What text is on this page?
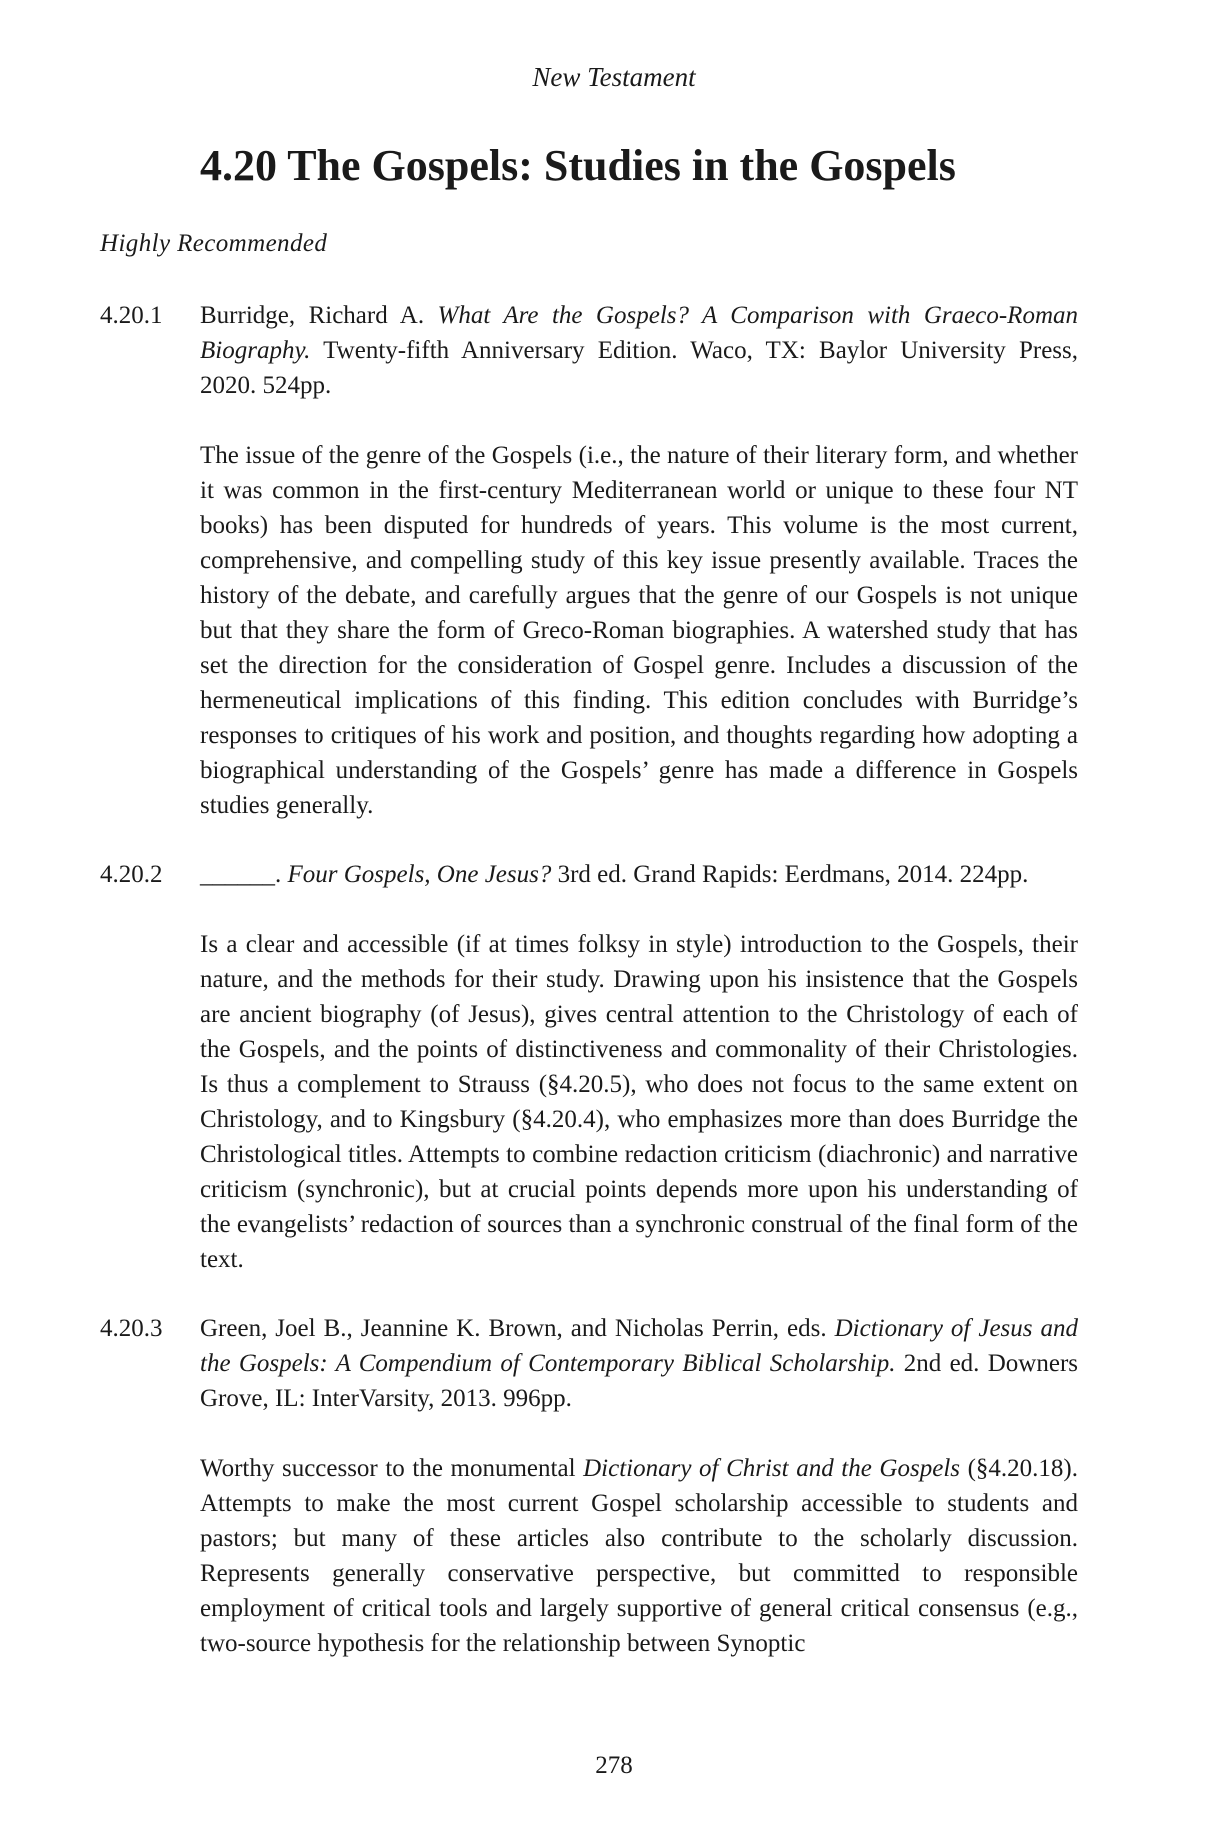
New Testament
4.20 The Gospels: Studies in the Gospels
Highly Recommended
4.20.1 Burridge, Richard A. What Are the Gospels? A Comparison with Graeco-Roman Biography. Twenty-fifth Anniversary Edition. Waco, TX: Baylor University Press, 2020. 524pp.

The issue of the genre of the Gospels (i.e., the nature of their literary form, and whether it was common in the first-century Mediterranean world or unique to these four NT books) has been disputed for hundreds of years. This volume is the most current, comprehensive, and compelling study of this key issue presently available. Traces the history of the debate, and carefully argues that the genre of our Gospels is not unique but that they share the form of Greco-Roman biographies. A watershed study that has set the direction for the consideration of Gospel genre. Includes a discussion of the hermeneutical implications of this finding. This edition concludes with Burridge’s responses to critiques of his work and position, and thoughts regarding how adopting a biographical understanding of the Gospels’ genre has made a difference in Gospels studies generally.

4.20.2 ______. Four Gospels, One Jesus? 3rd ed. Grand Rapids: Eerdmans, 2014. 224pp.

Is a clear and accessible (if at times folksy in style) introduction to the Gospels, their nature, and the methods for their study. Drawing upon his insistence that the Gospels are ancient biography (of Jesus), gives central attention to the Christology of each of the Gospels, and the points of distinctiveness and commonality of their Christologies. Is thus a complement to Strauss (§4.20.5), who does not focus to the same extent on Christology, and to Kingsbury (§4.20.4), who emphasizes more than does Burridge the Christological titles. Attempts to combine redaction criticism (diachronic) and narrative criticism (synchronic), but at crucial points depends more upon his understanding of the evangelists’ redaction of sources than a synchronic construal of the final form of the text.

4.20.3 Green, Joel B., Jeannine K. Brown, and Nicholas Perrin, eds. Dictionary of Jesus and the Gospels: A Compendium of Contemporary Biblical Scholarship. 2nd ed. Downers Grove, IL: InterVarsity, 2013. 996pp.

Worthy successor to the monumental Dictionary of Christ and the Gospels (§4.20.18). Attempts to make the most current Gospel scholarship accessible to students and pastors; but many of these articles also contribute to the scholarly discussion. Represents generally conservative perspective, but committed to responsible employment of critical tools and largely supportive of general critical consensus (e.g., two-source hypothesis for the relationship between Synoptic

278
